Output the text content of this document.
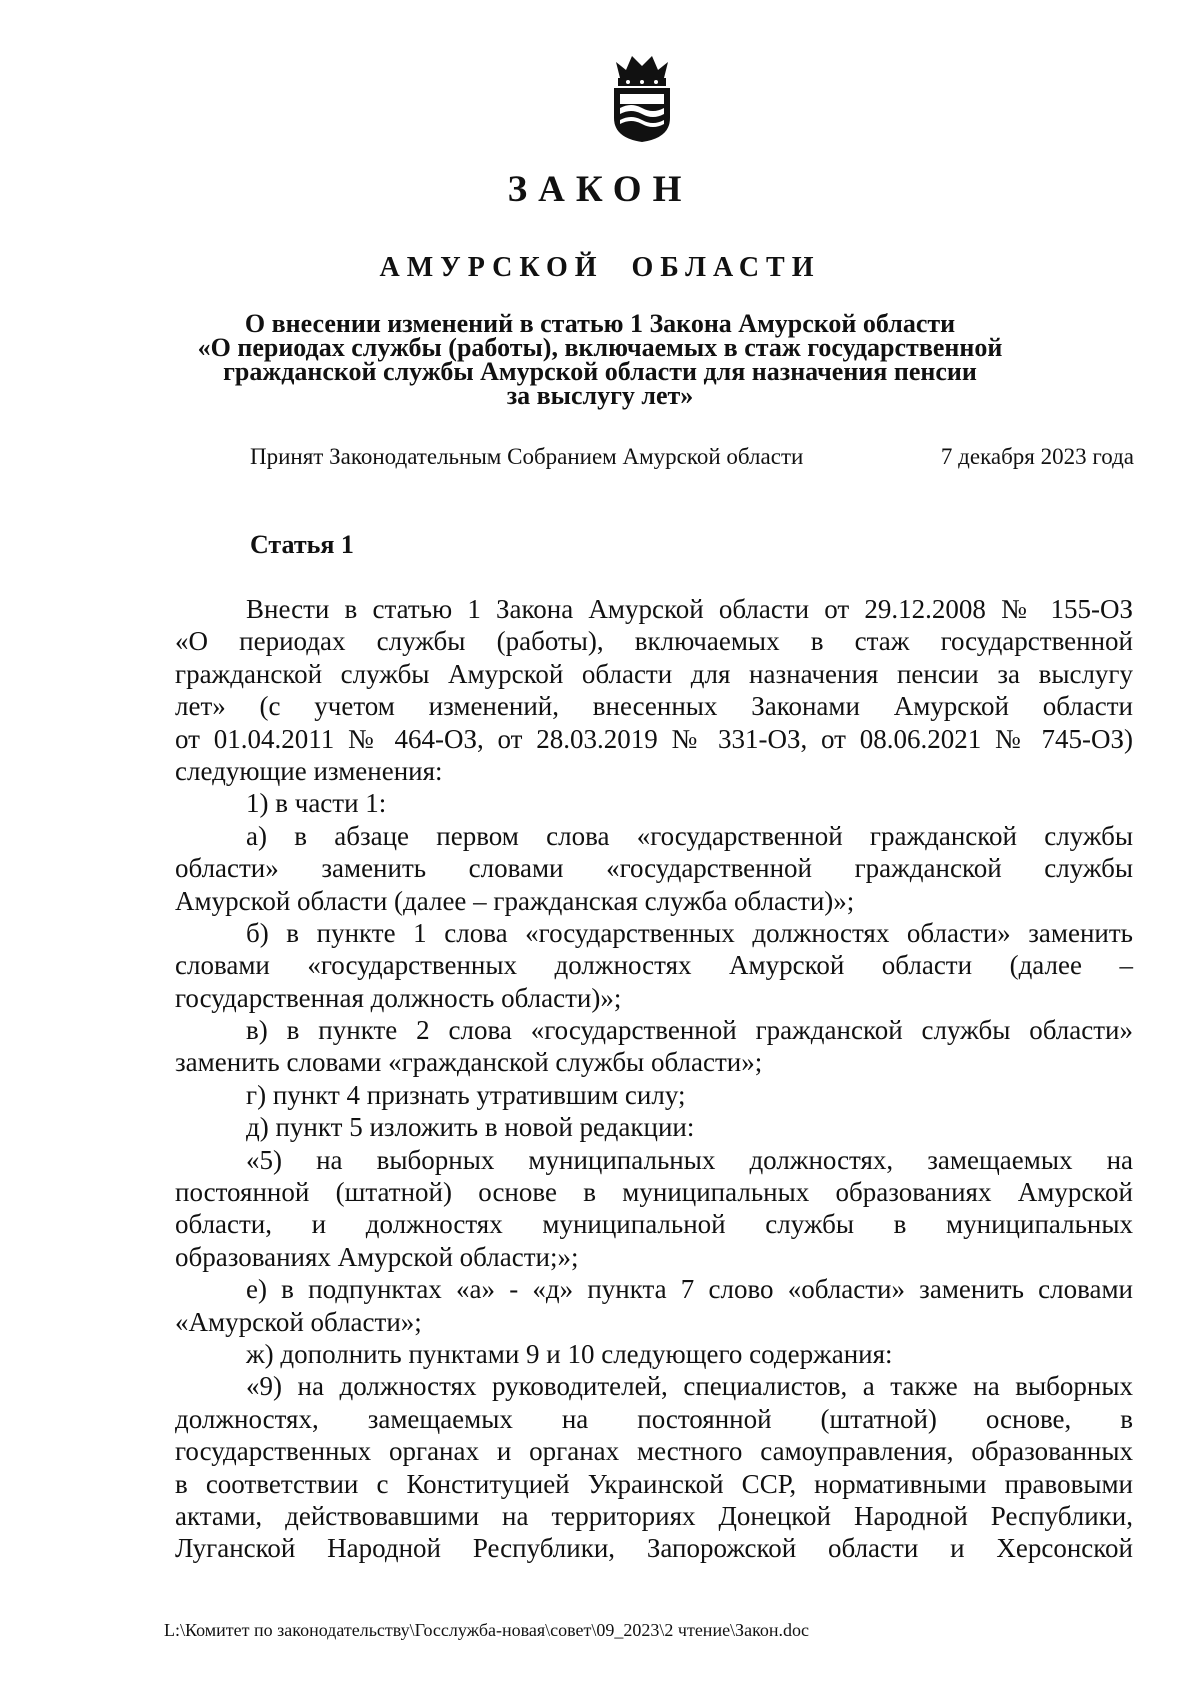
ЗАКОН
АМУРСКОЙ ОБЛАСТИ
О внесении изменений в статью 1 Закона Амурской области
«О периодах службы (работы), включаемых в стаж государственной
гражданской службы Амурской области для назначения пенсии
за выслугу лет»
Принят Законодательным Собранием Амурской области	7 декабря 2023 года
Статья 1
Внести в статью 1 Закона Амурской области от 29.12.2008 № 155-ОЗ
«О периодах службы (работы), включаемых в стаж государственной
гражданской службы Амурской области для назначения пенсии за выслугу
лет» (с учетом изменений, внесенных Законами Амурской области
от 01.04.2011 № 464-ОЗ, от 28.03.2019 № 331-ОЗ, от 08.06.2021 № 745-ОЗ)
следующие изменения:
1) в части 1:
а) в абзаце первом слова «государственной гражданской службы
области» заменить словами «государственной гражданской службы
Амурской области (далее – гражданская служба области)»;
б) в пункте 1 слова «государственных должностях области» заменить
словами «государственных должностях Амурской области (далее –
государственная должность области)»;
в) в пункте 2 слова «государственной гражданской службы области»
заменить словами «гражданской службы области»;
г) пункт 4 признать утратившим силу;
д) пункт 5 изложить в новой редакции:
«5) на выборных муниципальных должностях, замещаемых на
постоянной (штатной) основе в муниципальных образованиях Амурской
области, и должностях муниципальной службы в муниципальных
образованиях Амурской области;»;
е) в подпунктах «а» - «д» пункта 7 слово «области» заменить словами
«Амурской области»;
ж) дополнить пунктами 9 и 10 следующего содержания:
«9) на должностях руководителей, специалистов, а также на выборных
должностях, замещаемых на постоянной (штатной) основе, в
государственных органах и органах местного самоуправления, образованных
в соответствии с Конституцией Украинской ССР, нормативными правовыми
актами, действовавшими на территориях Донецкой Народной Республики,
Луганской Народной Республики, Запорожской области и Херсонской
L:\Комитет по законодательству\Госслужба-новая\совет\09_2023\2 чтение\Закон.doc
